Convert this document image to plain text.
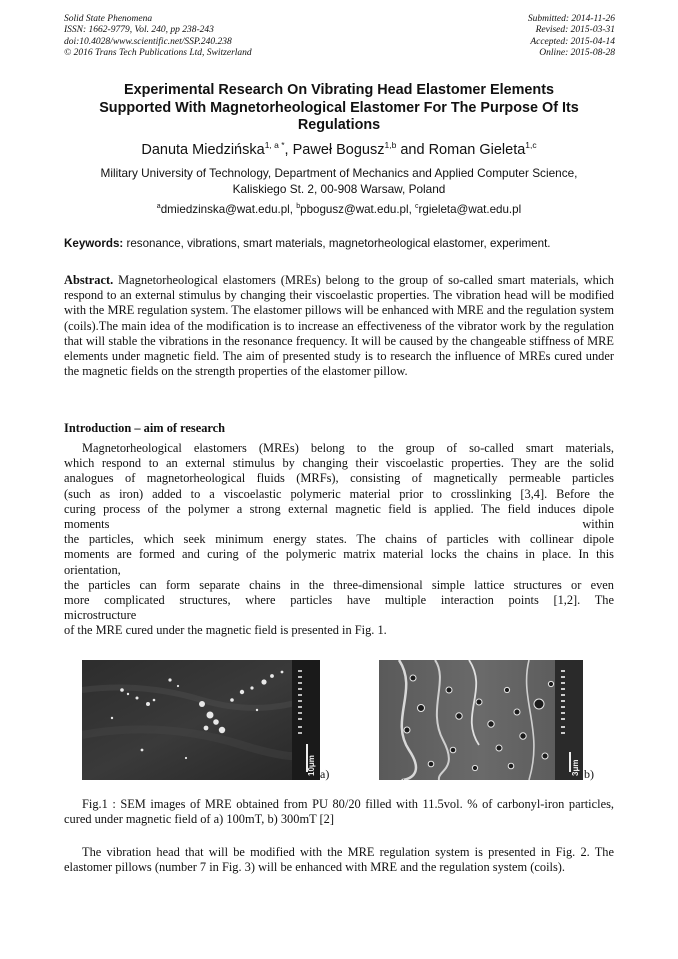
Solid State Phenomena
ISSN: 1662-9779, Vol. 240, pp 238-243
doi:10.4028/www.scientific.net/SSP.240.238
© 2016 Trans Tech Publications Ltd, Switzerland
Submitted: 2014-11-26
Revised: 2015-03-31
Accepted: 2015-04-14
Online: 2015-08-28
Experimental Research On Vibrating Head Elastomer Elements
Supported With Magnetorheological Elastomer For The Purpose Of Its
Regulations
Danuta Miedzińska$^{1, a *}$, Paweł Bogusz$^{1,b}$ and Roman Gieleta$^{1,c}$
Military University of Technology, Department of Mechanics and Applied Computer Science,
Kaliskiego St. 2, 00-908 Warsaw, Poland
$^a$dmiedzinska@wat.edu.pl, $^b$pbogusz@wat.edu.pl, $^c$rgieleta@wat.edu.pl
Keywords: resonance, vibrations, smart materials, magnetorheological elastomer, experiment.
Abstract. Magnetorheological elastomers (MREs) belong to the group of so-called smart materials, which respond to an external stimulus by changing their viscoelastic properties. The vibration head will be modified with the MRE regulation system. The elastomer pillows will be enhanced with MRE and the regulation system (coils).The main idea of the modification is to increase an effectiveness of the vibrator work by the regulation that will stable the vibrations in the resonance frequency. It will be caused by the changeable stiffness of MRE elements under magnetic field. The aim of presented study is to research the influence of MREs cured under the magnetic fields on the strength properties of the elastomer pillow.
Introduction – aim of research
Magnetorheological elastomers (MREs) belong to the group of so-called smart materials,
which respond to an external stimulus by changing their viscoelastic properties. They are the solid
analogues of magnetorheological fluids (MRFs), consisting of magnetically permeable particles
(such as iron) added to a viscoelastic polymeric material prior to crosslinking [3,4]. Before the
curing process of the polymer a strong external magnetic field is applied. The field induces dipole
moments within
the particles, which seek minimum energy states. The chains of particles with collinear dipole
moments are formed and curing of the polymeric matrix material locks the chains in place. In this
orientation,
the particles can form separate chains in the three-dimensional simple lattice structures or even
more complicated structures, where particles have multiple interaction points [1,2]. The
microstructure
of the MRE cured under the magnetic field is presented in Fig. 1.
10μm a)	3μm b)
Fig.1 : SEM images of MRE obtained from PU 80/20 filled with 11.5vol. % of carbonyl-iron particles, cured under magnetic field of a) 100mT, b) 300mT [2]
The vibration head that will be modified with the MRE regulation system is presented in Fig. 2. The elastomer pillows (number 7 in Fig. 3) will be enhanced with MRE and the regulation system (coils).
